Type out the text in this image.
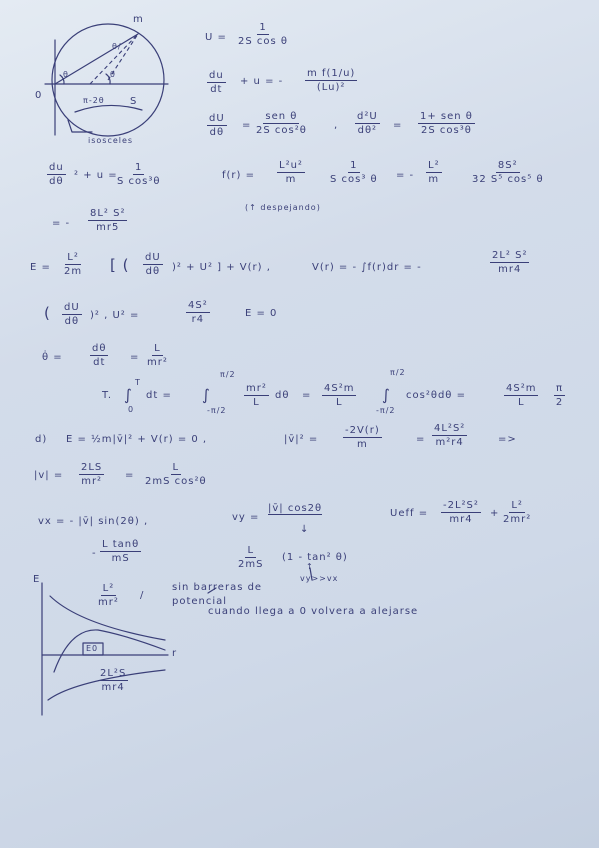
m
θ/
θ
θ
0	π-2θ	S
isosceles
$U = \frac{1}{\text{2S cos θ}}$
$\frac{du}{dt} + u$ = - $\frac{\text{m f(1/u)}}{\text{(Lu)²}}$
$\frac{dU}{d\theta}$ =
sen θ
2S cos²θ	, $\frac{\text{d²U}}{\text{dθ²}}$ =
1+ sen θ
2S cos³θ
$\frac{du}{d\theta} ^2 + u = \frac{1}{\text{S cos³θ}}$	$f(r) = \frac{\text{L²u²}}{m}$	$\frac{1}{\text{S cos³ θ}}$ = - $\frac{\text{L²}}{m}$	$\frac{\text{8S²}}{\text{32 S⁵ cos⁵ θ}}$
(↑ despejando)
= - $\frac{\text{8L² S²}}{mr5}$
$E = \frac{\text{L²}}{2m}$ [ ( $\frac{dU}{d\theta} )^2 + U^2$ ] + V(r) ,	V(r) = - ∫f(r)dr = -	$\frac{\text{2L² S²}}{mr4}$
( $\frac{dU}{d\theta} )^2$ , U² =	$\frac{\text{4S²}}{r4}$	E = 0
θ̇ =	$\frac{d\theta}{dt} = \frac{L}{\text{mr²}}$
T. ∫
T
0
dt = ∫
π/2
-π/2
$\frac{\text{mr²}}{L}$ $d\theta = \frac{\text{4S²m}}{L}$ ∫
π/2
-π/2
cos²θdθ =	$\frac{\text{4S²m}}{L} \frac{\pi}{2}$
d) E = ½m|v̄|² + V(r) = 0 ,	|v̄|² = $\frac{-2V(r)}{m}$	= $\frac{\text{4L²S²}}{\text{m²r4}}$	=>
$|v| = \frac{2LS}{\text{mr²}} = \frac{L}{\text{2mS cos²θ}}$
vx = - |v̄| sin(2θ) ,	vy =
|v̄| cos2θ	Ueff = $\frac{\text{-2L²S²}}{mr4} + \frac{\text{L²}}{\text{2mr²}}$
- $\frac{\text{L tanθ}}{mS}$
↓
$\frac{L}{2mS} (1 - \tan^2$ θ)
↑
vy>>vx
E
r
$\frac{\text{L²}}{\text{mr²}}$ /
E0
$\frac{\text{2L²S}}{mr4}$
sin barreras de
potencial
cuando llega a 0 volvera a alejarse
